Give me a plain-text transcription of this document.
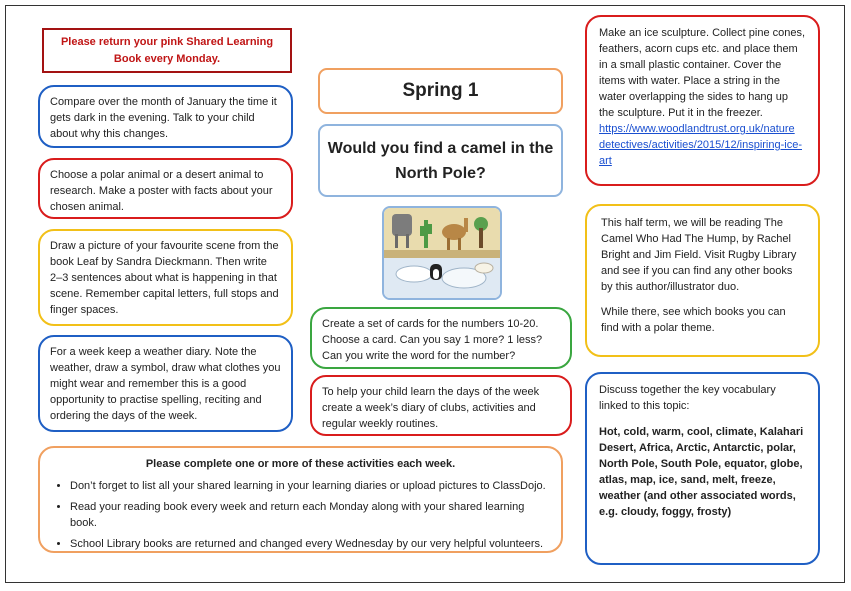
Please return your pink Shared Learning Book every Monday.
Compare over the month of January the time it gets dark in the evening. Talk to your child about why this changes.
Choose a polar animal or a desert animal to research. Make a poster with facts about your chosen animal.
Draw a picture of your favourite scene from the book Leaf by Sandra Dieckmann. Then write 2–3 sentences about what is happening in that scene. Remember capital letters, full stops and finger spaces.
For a week keep a weather diary. Note the weather, draw a symbol, draw what clothes you might wear and remember this is a good opportunity to practise spelling, reciting and ordering the days of the week.
Spring 1
Would you find a camel in the North Pole?
Create a set of cards for the numbers 10-20. Choose a card. Can you say 1 more? 1 less? Can you write the word for the number?
To help your child learn the days of the week create a week’s diary of clubs, activities and regular weekly routines.
Make an ice sculpture. Collect pine cones, feathers, acorn cups etc. and place them in a small plastic container. Cover the items with water. Place a string in the water overlapping the sides to hang up the sculpture. Put it in the freezer. https://www.woodlandtrust.org.uk/nature detectives/activities/2015/12/inspiring-ice-art

This half term, we will be reading The Camel Who Had The Hump, by Rachel Bright and Jim Field. Visit Rugby Library and see if you can find any other books by this author/illustrator duo.

While there, see which books you can find with a polar theme.

Discuss together the key vocabulary linked to this topic:

Hot, cold, warm, cool, climate, Kalahari Desert, Africa, Arctic, Antarctic, polar, North Pole, South Pole, equator, globe, atlas, map, ice, sand, melt, freeze, weather (and other associated words, e.g. cloudy, foggy, frosty)

Please complete one or more of these activities each week.

• Don’t forget to list all your shared learning in your learning diaries or upload pictures to ClassDojo.
• Read your reading book every week and return each Monday along with your shared learning book.
• School Library books are returned and changed every Wednesday by our very helpful volunteers.
